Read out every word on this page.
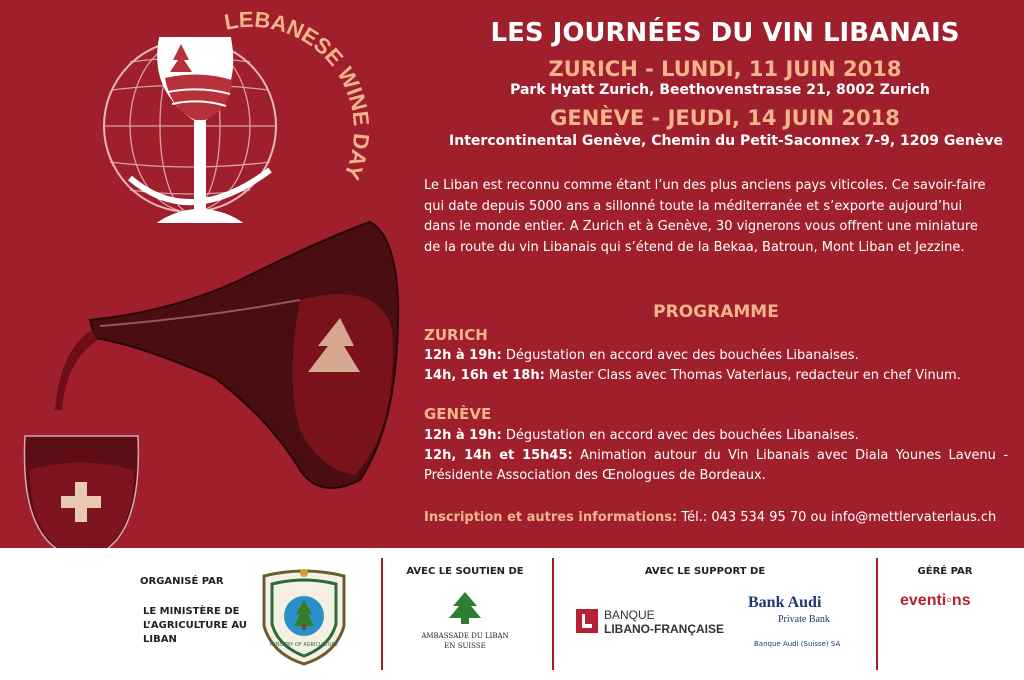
LEBANESE WINE DAY
LES JOURNÉES DU VIN LIBANAIS
ZURICH - LUNDI, 11 JUIN 2018
Park Hyatt Zurich, Beethovenstrasse 21, 8002 Zurich
GENÈVE - JEUDI, 14 JUIN 2018
Intercontinental Genève, Chemin du Petit-Saconnex 7-9, 1209 Genève
Le Liban est reconnu comme étant l’un des plus anciens pays viticoles. Ce savoir-faire qui date depuis 5000 ans a sillonné toute la méditerranée et s’exporte aujourd’hui dans le monde entier. A Zurich et à Genève, 30 vignerons vous offrent une miniature de la route du vin Libanais qui s’étend de la Bekaa, Batroun, Mont Liban et Jezzine.
PROGRAMME
ZURICH
12h à 19h: Dégustation en accord avec des bouchées Libanaises.
14h, 16h et 18h: Master Class avec Thomas Vaterlaus, redacteur en chef Vinum.
GENÈVE
12h à 19h: Dégustation en accord avec des bouchées Libanaises.
12h, 14h et 15h45: Animation autour du Vin Libanais avec Diala Younes Lavenu - Présidente Association des Œnologues de Bordeaux.
Inscription et autres informations: Tél.: 043 534 95 70 ou info@mettlervaterlaus.ch
ORGANISÉ PAR
LE MINISTÈRE DE L’AGRICULTURE AU LIBAN	MINISTRY OF AGRICULTURE
AVEC LE SOUTIEN DE
AMBASSADE DU LIBAN
EN SUISSE
AVEC LE SUPPORT DE
BANQUE
LIBANO-FRANÇAISE
Bank Audi
Private Bank
Banque Audi (Suisse) SA
GÉRÉ PAR
eventi◦ns
